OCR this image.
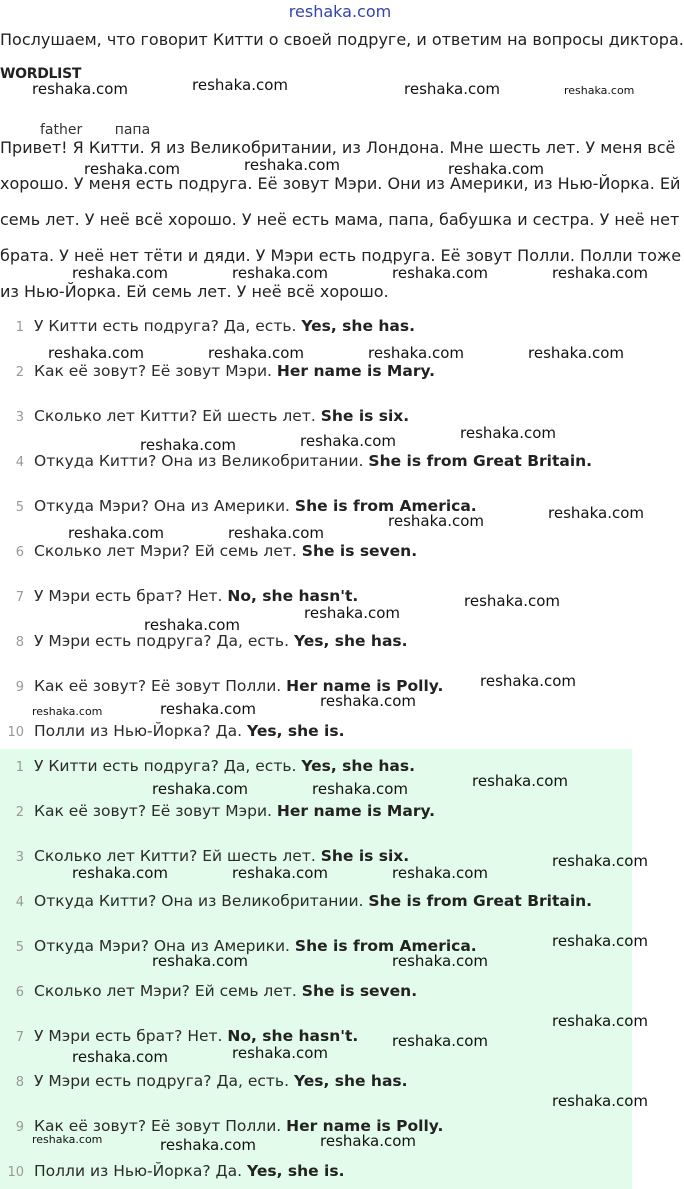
reshaka.com
Послушаем, что говорит Китти о своей подруге, и ответим на вопросы диктора.
WORDLIST
father папа
Привет! Я Китти. Я из Великобритании, из Лондона. Мне шесть лет. У меня всё
хорошо. У меня есть подруга. Её зовут Мэри. Они из Америки, из Нью-Йорка. Ей
семь лет. У неё всё хорошо. У неё есть мама, папа, бабушка и сестра. У неё нет
брата. У неё нет тёти и дяди. У Мэри есть подруга. Её зовут Полли. Полли тоже
из Нью-Йорка. Ей семь лет. У неё всё хорошо.
1 У Китти есть подруга? Да, есть. Yes, she has.
2 Как её зовут? Её зовут Мэри. Her name is Mary.
3 Сколько лет Китти? Ей шесть лет. She is six.
4 Откуда Китти? Она из Великобритании. She is from Great Britain.
5 Откуда Мэри? Она из Америки. She is from America.
6 Сколько лет Мэри? Ей семь лет. She is seven.
7 У Мэри есть брат? Нет. No, she hasn't.
8 У Мэри есть подруга? Да, есть. Yes, she has.
9 Как её зовут? Её зовут Полли. Her name is Polly.
10 Полли из Нью-Йорка? Да. Yes, she is.
1 У Китти есть подруга? Да, есть. Yes, she has.
2 Как её зовут? Её зовут Мэри. Her name is Mary.
3 Сколько лет Китти? Ей шесть лет. She is six.
4 Откуда Китти? Она из Великобритании. She is from Great Britain.
5 Откуда Мэри? Она из Америки. She is from America.
6 Сколько лет Мэри? Ей семь лет. She is seven.
7 У Мэри есть брат? Нет. No, she hasn't.
8 У Мэри есть подруга? Да, есть. Yes, she has.
9 Как её зовут? Её зовут Полли. Her name is Polly.
10 Полли из Нью-Йорка? Да. Yes, she is.
reshaka.com	reshaka.com	reshaka.com	reshaka.com
reshaka.com	reshaka.com	reshaka.com
reshaka.com	reshaka.com	reshaka.com	reshaka.com
reshaka.com	reshaka.com	reshaka.com	reshaka.com
reshaka.com	reshaka.com	reshaka.com
reshaka.com	reshaka.com
reshaka.com	reshaka.com
reshaka.com
reshaka.com
reshaka.com
reshaka.com
reshaka.com
reshaka.com
reshaka.com
reshaka.com
reshaka.com	reshaka.com
reshaka.com
reshaka.com	reshaka.com	reshaka.com
reshaka.com
reshaka.com	reshaka.com
reshaka.com
reshaka.com
reshaka.com
reshaka.com
reshaka.com
reshaka.com
reshaka.com	reshaka.com
